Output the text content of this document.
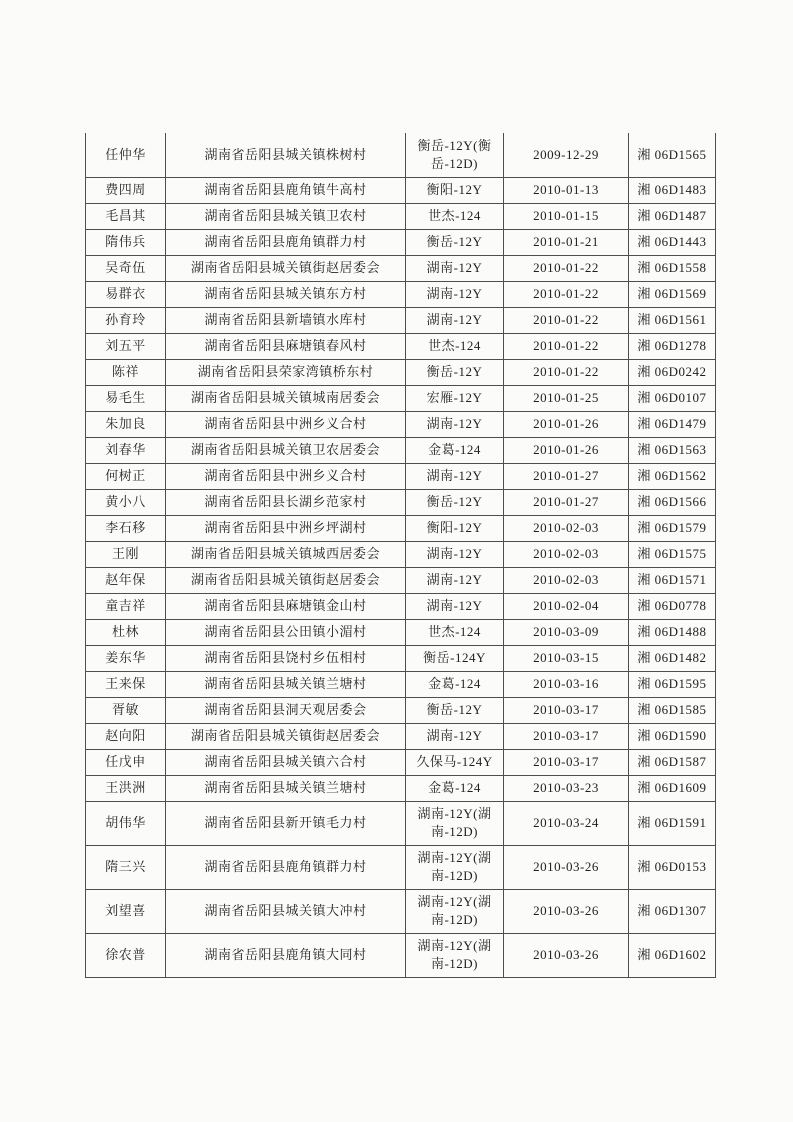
任仲华	湖南省岳阳县城关镇株树村	衡岳-12Y(衡岳-12D)	2009-12-29	湘 06D1565
费四周	湖南省岳阳县鹿角镇牛高村	衡阳-12Y	2010-01-13	湘 06D1483
毛昌其	湖南省岳阳县城关镇卫农村	世杰-124	2010-01-15	湘 06D1487
隋伟兵	湖南省岳阳县鹿角镇群力村	衡岳-12Y	2010-01-21	湘 06D1443
吴奇伍	湖南省岳阳县城关镇街赵居委会	湖南-12Y	2010-01-22	湘 06D1558
易群衣	湖南省岳阳县城关镇东方村	湖南-12Y	2010-01-22	湘 06D1569
孙育玲	湖南省岳阳县新墙镇水库村	湖南-12Y	2010-01-22	湘 06D1561
刘五平	湖南省岳阳县麻塘镇春风村	世杰-124	2010-01-22	湘 06D1278
陈祥	湖南省岳阳县荣家湾镇桥东村	衡岳-12Y	2010-01-22	湘 06D0242
易毛生	湖南省岳阳县城关镇城南居委会	宏雁-12Y	2010-01-25	湘 06D0107
朱加良	湖南省岳阳县中洲乡义合村	湖南-12Y	2010-01-26	湘 06D1479
刘春华	湖南省岳阳县城关镇卫农居委会	金葛-124	2010-01-26	湘 06D1563
何树正	湖南省岳阳县中洲乡义合村	湖南-12Y	2010-01-27	湘 06D1562
黄小八	湖南省岳阳县长湖乡范家村	衡岳-12Y	2010-01-27	湘 06D1566
李石移	湖南省岳阳县中洲乡坪湖村	衡阳-12Y	2010-02-03	湘 06D1579
王刚	湖南省岳阳县城关镇城西居委会	湖南-12Y	2010-02-03	湘 06D1575
赵年保	湖南省岳阳县城关镇街赵居委会	湖南-12Y	2010-02-03	湘 06D1571
童吉祥	湖南省岳阳县麻塘镇金山村	湖南-12Y	2010-02-04	湘 06D0778
杜林	湖南省岳阳县公田镇小湄村	世杰-124	2010-03-09	湘 06D1488
姜东华	湖南省岳阳县饶村乡伍相村	衡岳-124Y	2010-03-15	湘 06D1482
王来保	湖南省岳阳县城关镇兰塘村	金葛-124	2010-03-16	湘 06D1595
胥敏	湖南省岳阳县洞天观居委会	衡岳-12Y	2010-03-17	湘 06D1585
赵向阳	湖南省岳阳县城关镇街赵居委会	湖南-12Y	2010-03-17	湘 06D1590
任戊申	湖南省岳阳县城关镇六合村	久保马-124Y	2010-03-17	湘 06D1587
王洪洲	湖南省岳阳县城关镇兰塘村	金葛-124	2010-03-23	湘 06D1609
胡伟华	湖南省岳阳县新开镇毛力村	湖南-12Y(湖南-12D)	2010-03-24	湘 06D1591
隋三兴	湖南省岳阳县鹿角镇群力村	湖南-12Y(湖南-12D)	2010-03-26	湘 06D0153
刘望喜	湖南省岳阳县城关镇大冲村	湖南-12Y(湖南-12D)	2010-03-26	湘 06D1307
徐农普	湖南省岳阳县鹿角镇大同村	湖南-12Y(湖南-12D)	2010-03-26	湘 06D1602
